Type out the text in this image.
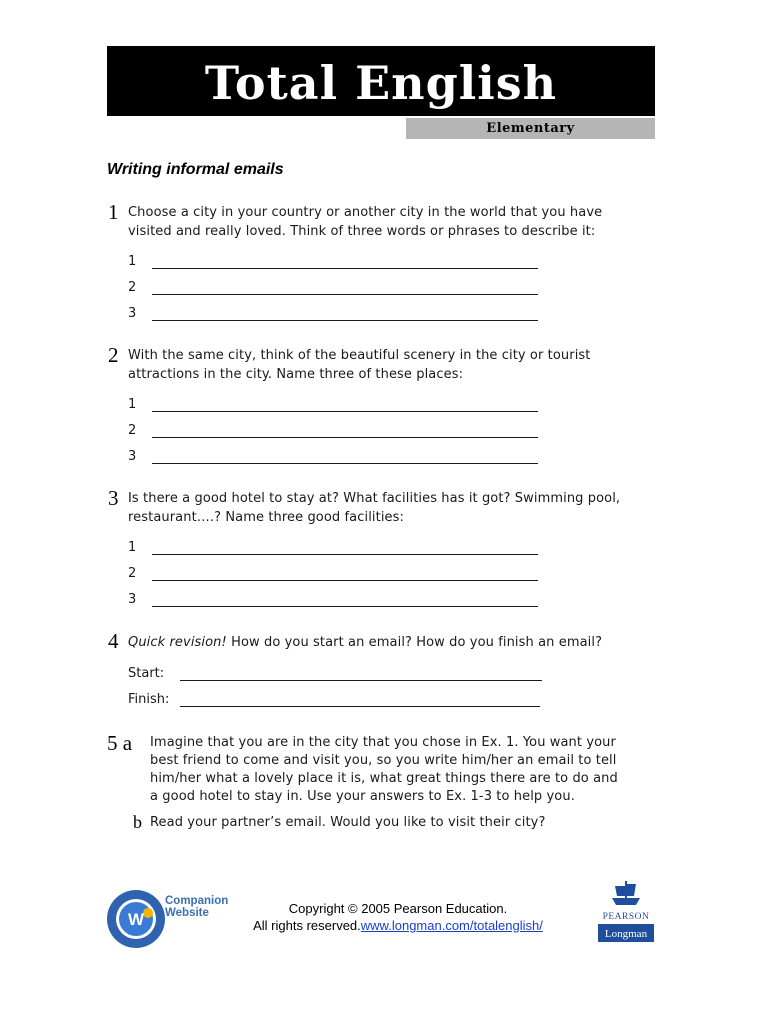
Total English
Elementary
Writing informal emails
1 Choose a city in your country or another city in the world that you have
visited and really loved. Think of three words or phrases to describe it:
1
2
3
2 With the same city, think of the beautiful scenery in the city or tourist
attractions in the city. Name three of these places:
1
2
3
3 Is there a good hotel to stay at? What facilities has it got? Swimming pool,
restaurant….? Name three good facilities:
1
2
3
4 Quick revision! How do you start an email? How do you finish an email?
Start:
Finish:
5 a Imagine that you are in the city that you chose in Ex. 1. You want your
best friend to come and visit you, so you write him/her an email to tell
him/her what a lovely place it is, what great things there are to do and
a good hotel to stay in. Use your answers to Ex. 1-3 to help you.
b Read your partner’s email. Would you like to visit their city?
W
Companion
Website	Copyright © 2005 Pearson Education.
All rights reserved.www.longman.com/totalenglish/
PEARSON
Longman
